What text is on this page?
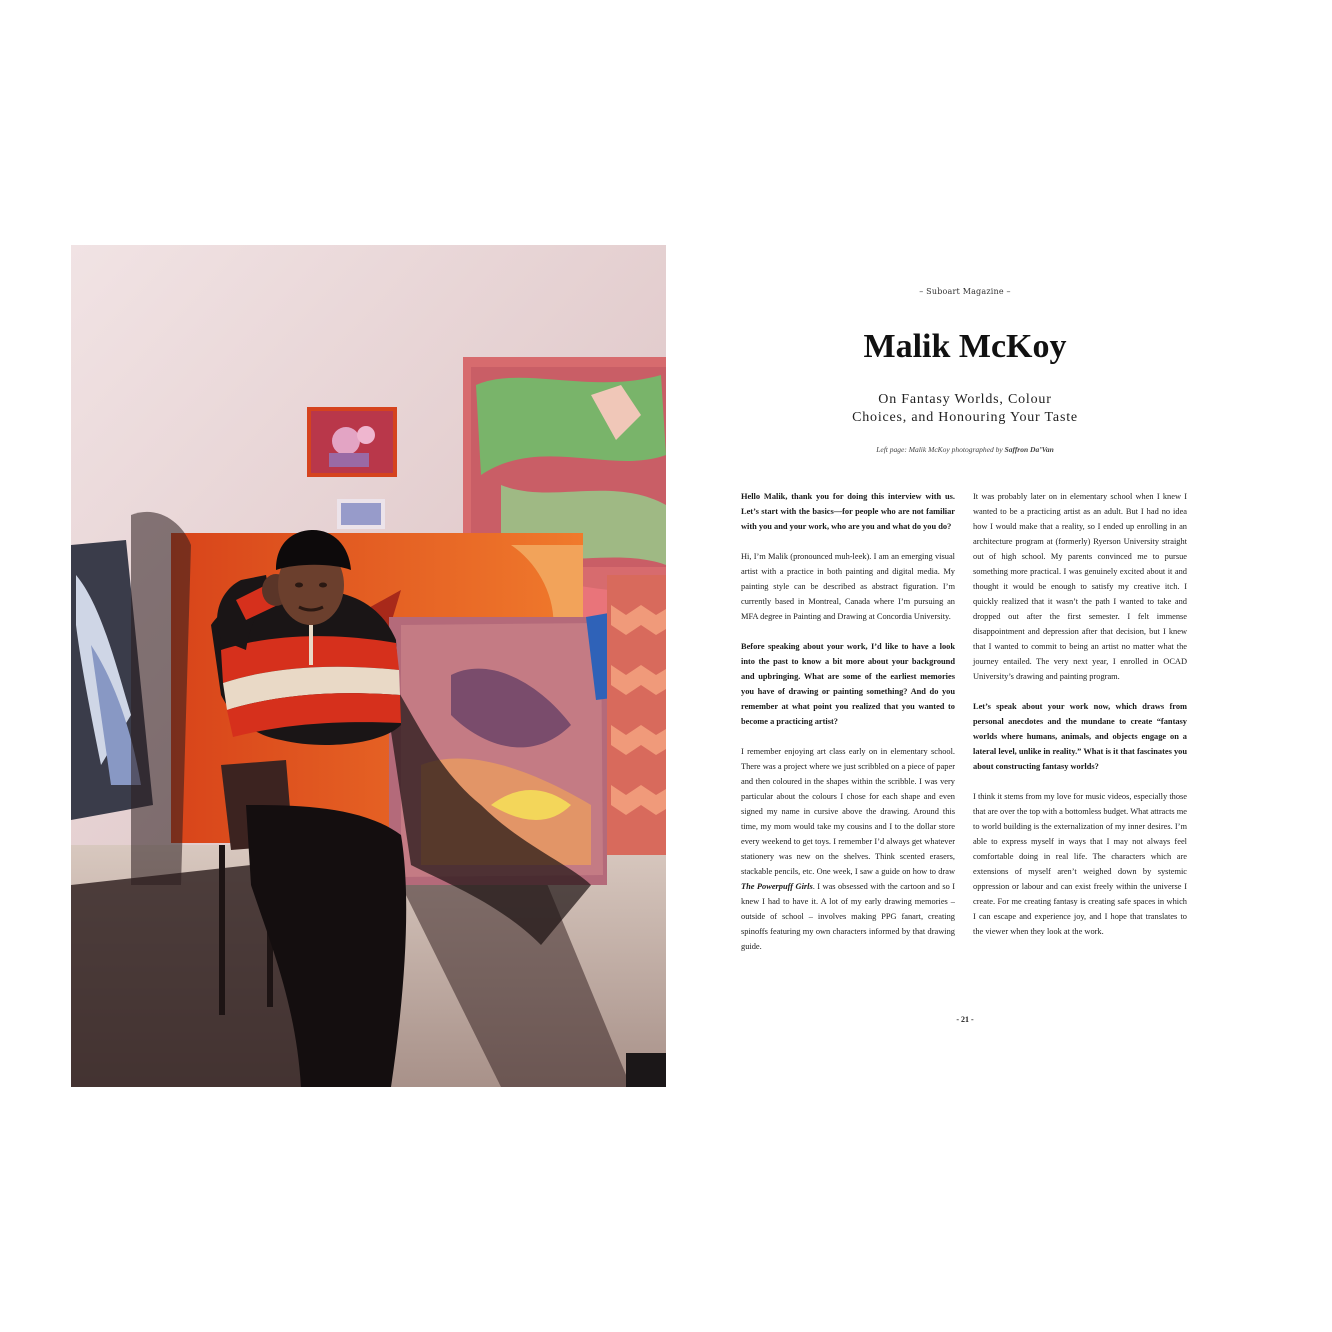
– Suboart Magazine –
Malik McKoy
On Fantasy Worlds, Colour
Choices, and Honouring Your Taste
Left page: Malik McKoy photographed by Saffron Da’Van

Hello Malik, thank you for doing this interview with us. Let’s start with the basics—for people who are not familiar with you and your work, who are you and what do you do?

Hi, I’m Malik (pronounced muh-leek). I am an emerging visual artist with a practice in both painting and digital media. My painting style can be described as abstract figuration. I’m currently based in Montreal, Canada where I’m pursuing an MFA degree in Painting and Drawing at Concordia University.

Before speaking about your work, I’d like to have a look into the past to know a bit more about your background and upbringing. What are some of the earliest memories you have of drawing or painting something? And do you remember at what point you realized that you wanted to become a practicing artist?

I remember enjoying art class early on in elementary school. There was a project where we just scribbled on a piece of paper and then coloured in the shapes within the scribble. I was very particular about the colours I chose for each shape and even signed my name in cursive above the drawing. Around this time, my mom would take my cousins and I to the dollar store every weekend to get toys. I remember I’d always get whatever stationery was new on the shelves. Think scented erasers, stackable pencils, etc. One week, I saw a guide on how to draw The Powerpuff Girls. I was obsessed with the cartoon and so I knew I had to have it. A lot of my early drawing memories – outside of school – involves making PPG fanart, creating spinoffs featuring my own characters informed by that drawing guide.

It was probably later on in elementary school when I knew I wanted to be a practicing artist as an adult. But I had no idea how I would make that a reality, so I ended up enrolling in an architecture program at (formerly) Ryerson University straight out of high school. My parents convinced me to pursue something more practical. I was genuinely excited about it and thought it would be enough to satisfy my creative itch. I quickly realized that it wasn’t the path I wanted to take and dropped out after the first semester. I felt immense disappointment and depression after that decision, but I knew that I wanted to commit to being an artist no matter what the journey entailed. The very next year, I enrolled in OCAD University’s drawing and painting program.

Let’s speak about your work now, which draws from personal anecdotes and the mundane to create “fantasy worlds where humans, animals, and objects engage on a lateral level, unlike in reality.” What is it that fascinates you about constructing fantasy worlds?

I think it stems from my love for music videos, especially those that are over the top with a bottomless budget. What attracts me to world building is the externalization of my inner desires. I’m able to express myself in ways that I may not always feel comfortable doing in real life. The characters which are extensions of myself aren’t weighed down by systemic oppression or labour and can exist freely within the universe I create. For me creating fantasy is creating safe spaces in which I can escape and experience joy, and I hope that translates to the viewer when they look at the work.

- 21 -
